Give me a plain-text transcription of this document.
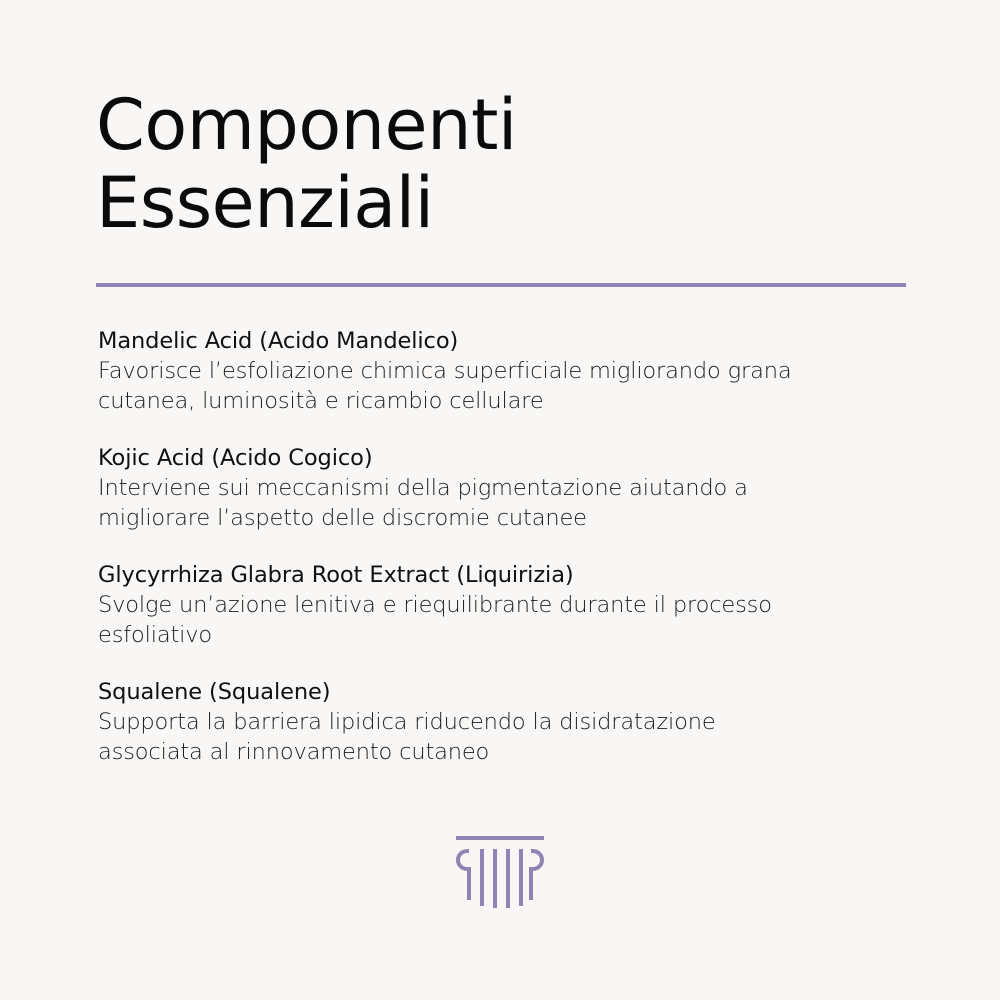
Componenti
Essenziali
Mandelic Acid (Acido Mandelico)
Favorisce l’esfoliazione chimica superficiale migliorando grana
cutanea, luminosità e ricambio cellulare
Kojic Acid (Acido Cogico)
Interviene sui meccanismi della pigmentazione aiutando a
migliorare l’aspetto delle discromie cutanee
Glycyrrhiza Glabra Root Extract (Liquirizia)
Svolge un’azione lenitiva e riequilibrante durante il processo
esfoliativo
Squalene (Squalene)
Supporta la barriera lipidica riducendo la disidratazione
associata al rinnovamento cutaneo
